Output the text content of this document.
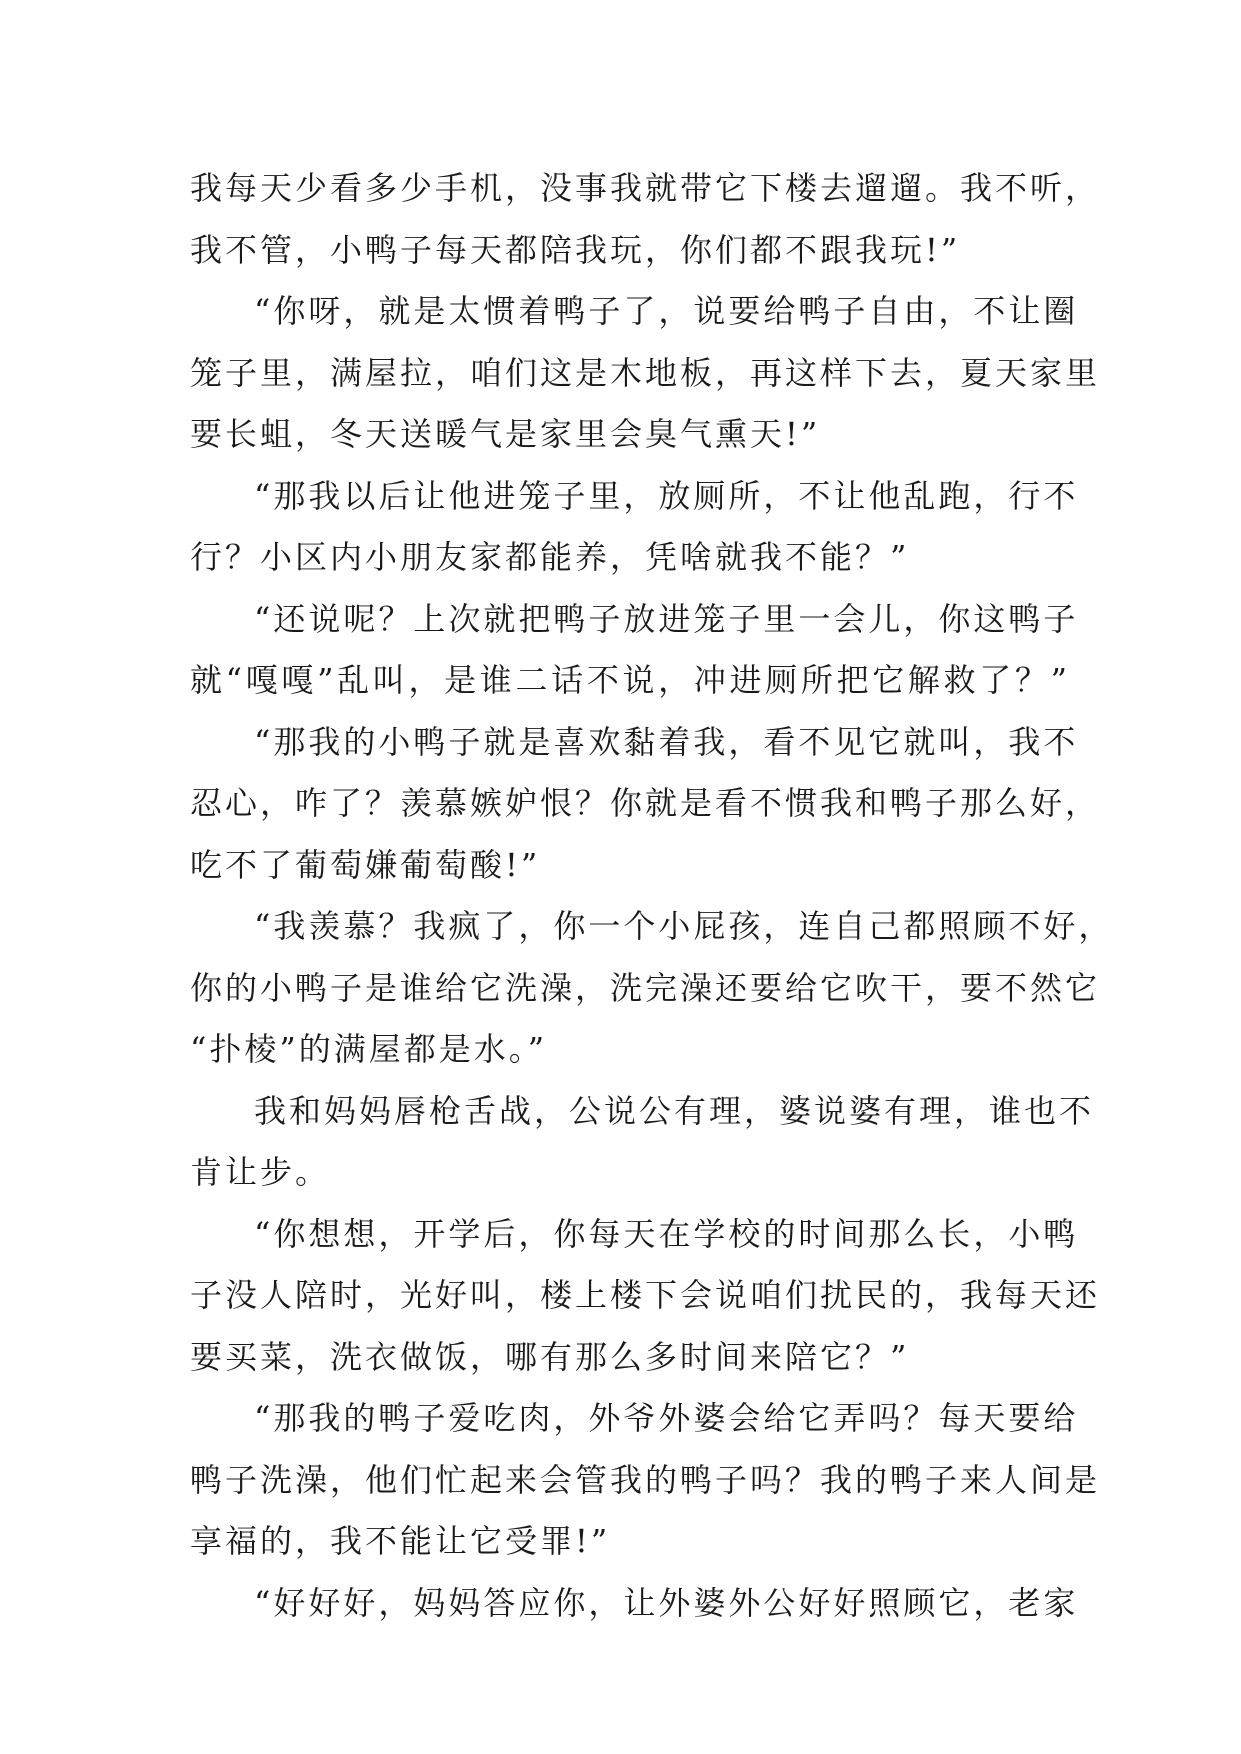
我每天少看多少手机，没事我就带它下楼去遛遛。我不听，
我不管，小鸭子每天都陪我玩，你们都不跟我玩!”
“你呀，就是太惯着鸭子了，说要给鸭子自由，不让圈
笼子里，满屋拉，咱们这是木地板，再这样下去，夏天家里
要长蛆，冬天送暖气是家里会臭气熏天!”
“那我以后让他进笼子里，放厕所，不让他乱跑，行不
行？小区内小朋友家都能养，凭啥就我不能？”
“还说呢？上次就把鸭子放进笼子里一会儿，你这鸭子
就“嘎嘎”乱叫，是谁二话不说，冲进厕所把它解救了？”
“那我的小鸭子就是喜欢黏着我，看不见它就叫，我不
忍心，咋了？羡慕嫉妒恨？你就是看不惯我和鸭子那么好，
吃不了葡萄嫌葡萄酸!”
“我羡慕？我疯了，你一个小屁孩，连自己都照顾不好，
你的小鸭子是谁给它洗澡，洗完澡还要给它吹干，要不然它
“扑棱”的满屋都是水。”
我和妈妈唇枪舌战，公说公有理，婆说婆有理，谁也不
肯让步。
“你想想，开学后，你每天在学校的时间那么长，小鸭
子没人陪时，光好叫，楼上楼下会说咱们扰民的，我每天还
要买菜，洗衣做饭，哪有那么多时间来陪它？”
“那我的鸭子爱吃肉，外爷外婆会给它弄吗？每天要给
鸭子洗澡，他们忙起来会管我的鸭子吗？我的鸭子来人间是
享福的，我不能让它受罪!”
“好好好，妈妈答应你，让外婆外公好好照顾它，老家
